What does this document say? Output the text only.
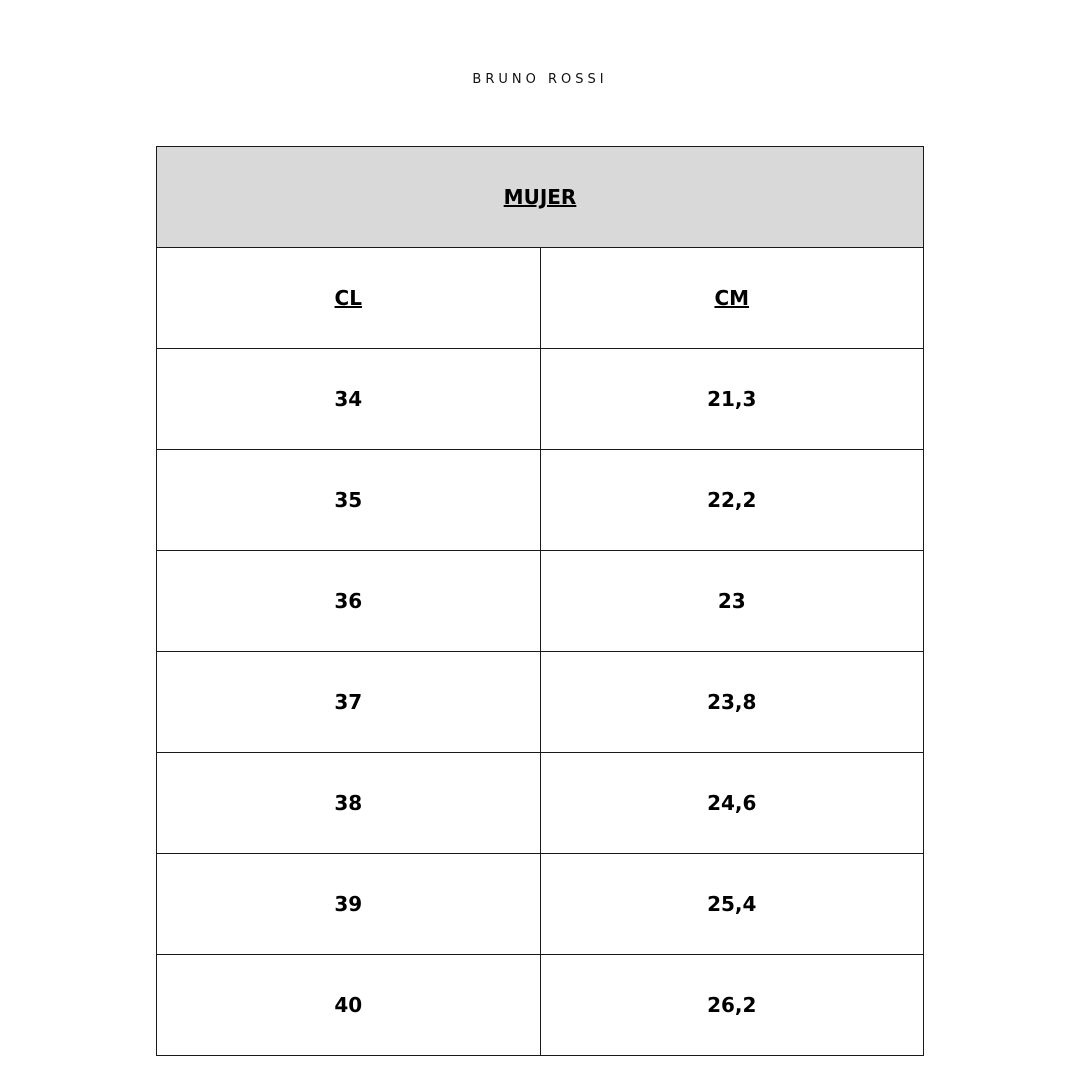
BRUNO ROSSI
MUJER	
CL	CM
34	21,3
35	22,2
36	23
37	23,8
38	24,6
39	25,4
40	26,2
